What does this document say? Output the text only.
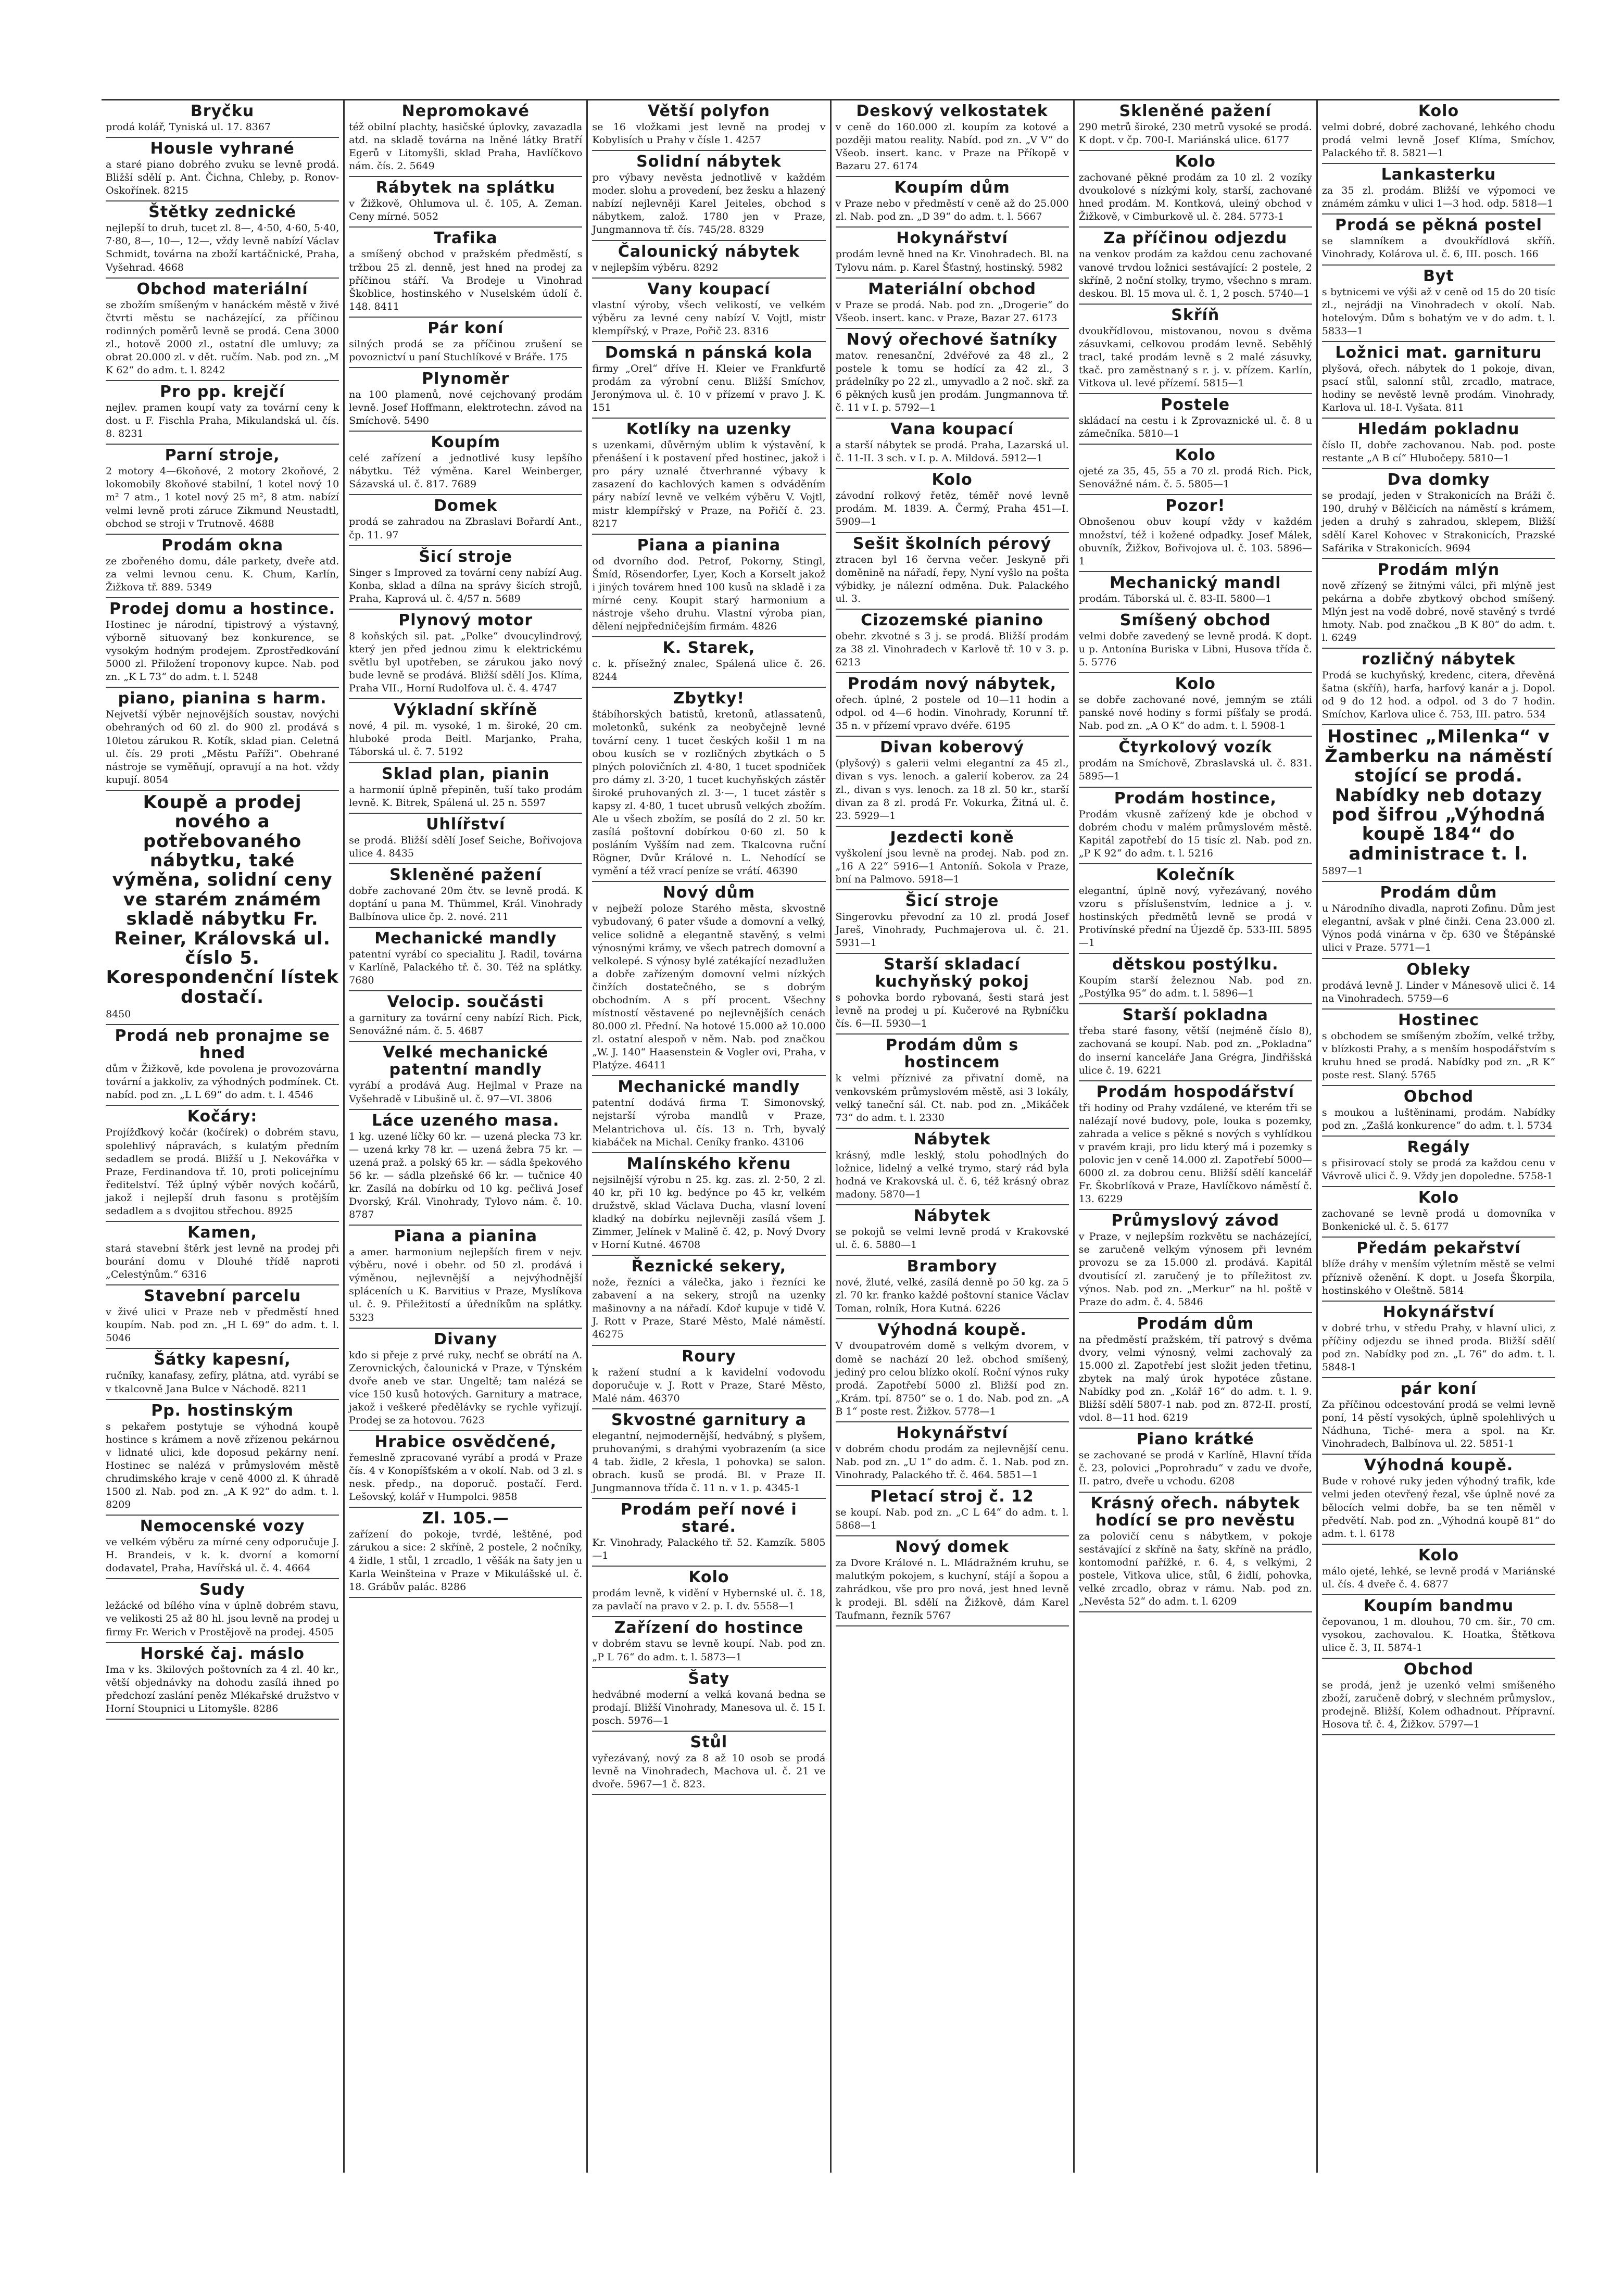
Bryčku
prodá kolář, Tyniská ul. 17. 8367
Housle vyhrané
a staré piano dobrého zvuku se levně prodá. Bližší sdělí p. Ant. Čichna, Chleby, p. Ronov-Oskořínek. 8215
Štětky zednické
nejlepší to druh, tucet zl. 8—, 4·50, 4·60, 5·40, 7·80, 8—, 10—, 12—, vždy levně nabízí Václav Schmidt, továrna na zboží kartáčnické, Praha, Vyšehrad. 4668
Obchod materiální
se zbožím smíšeným v hanáckém městě v živé čtvrti městu se nacházející, za příčinou rodinných poměrů levně se prodá. Cena 3000 zl., hotově 2000 zl., ostatní dle umluvy; za obrat 20.000 zl. v dět. ručím. Nab. pod zn. „M K 62“ do adm. t. l. 8242
Pro pp. krejčí
nejlev. pramen koupí vaty za tovární ceny k dost. u F. Fischla Praha, Mikulandská ul. čís. 8. 8231
Parní stroje,
2 motory 4—6koňové, 2 motory 2koňové, 2 lokomobily 8koňové stabilní, 1 kotel nový 10 m² 7 atm., 1 kotel nový 25 m², 8 atm. nabízí velmi levně proti záruce Zikmund Neustadtl, obchod se stroji v Trutnově. 4688
Prodám okna
ze zbořeného domu, dále parkety, dveře atd. za velmi levnou cenu. K. Chum, Karlín, Žižkova tř. 889. 5349
Prodej domu a hostince.
Hostinec je národní, tipistrový a výstavný, výborně situovaný bez konkurence, se vysokým hodným prodejem. Zprostředkování 5000 zl. Přiložení troponovy kupce. Nab. pod zn. „K L 73“ do adm. t. l. 5248
piano, pianina s harm.
Nejvetší výběr nejnovějších soustav, novýchi obehraných od 60 zl. do 900 zl. prodává s 10letou zárukou R. Kotík, sklad pian. Celetná ul. čís. 29 proti „Městu Paříži“. Obehrané nástroje se vyměňují, opravují a na hot. vždy kupují. 8054
Koupě a prodej nového a potřebovaného nábytku, také výměna, solidní ceny ve starém známém skladě nábytku Fr. Reiner, Královská ul. číslo 5. Korespondenční lístek dostačí.
8450
Prodá neb pronajme se hned
dům v Žižkově, kde povolena je provozovárna tovární a jakkoliv, za výhodných podmínek. Ct. nabíd. pod zn. „L L 69“ do adm. t. l. 4546
Kočáry:
Projížďkový kočár (kočírek) o dobrém stavu, spolehlivý nápravách, s kulatým předním sedadlem se prodá. Bližší u J. Nekovářka v Praze, Ferdinandova tř. 10, proti policejnímu ředitelství. Též úplný výběr nových kočárů, jakož i nejlepší druh fasonu s protějším sedadlem a s dvojitou střechou. 8925
Kamen,
stará stavební štěrk jest levně na prodej při bourání domu v Dlouhé třídě naproti „Celestýnům.“ 6316
Stavební parcelu
v živé ulici v Praze neb v předměstí hned koupím. Nab. pod zn. „H L 69“ do adm. t. l. 5046
Šátky kapesní,
ručníky, kanafasy, zefíry, plátna, atd. vyrábí se v tkalcovně Jana Bulce v Náchodě. 8211
Pp. hostinským
s pekařem postytuje se výhodná koupě hostince s krámem a nově zřízenou pekárnou v lidnaté ulici, kde doposud pekárny není. Hostinec se nalézá v průmyslovém městě chrudimského kraje v ceně 4000 zl. K úhradě 1500 zl. Nab. pod zn. „A K 92“ do adm. t. l. 8209
Nemocenské vozy
ve velkém výběru za mírné ceny odporučuje J. H. Brandeis, v k. k. dvorní a komorní dodavatel, Praha, Havířská ul. č. 4. 4664
Sudy
ležácké od bílého vína v úplně dobrém stavu, ve velikosti 25 až 80 hl. jsou levně na prodej u firmy Fr. Werich v Prostějově na prodej. 4505
Horské čaj. máslo
Ima v ks. 3kilových poštovních za 4 zl. 40 kr., větší objednávky na dohodu zasílá ihned po předchozí zaslání peněz Mlékařské družstvo v Horní Stoupnici u Litomyšle. 8286
Nepromokavé
též obilní plachty, hasičské úplovky, zavazadla atd. na skladě továrna na lněné látky Bratří Egerů v Litomyšli, sklad Praha, Havlíčkovo nám. čís. 2. 5649
Rábytek na splátku
v Žižkově, Ohlumova ul. č. 105, A. Zeman. Ceny mírné. 5052
Trafika
a smíšený obchod v pražském předměstí, s tržbou 25 zl. denně, jest hned na prodej za příčinou stáří. Va Brodeje u Vinohrad Škoblice, hostinského v Nuselském údolí č. 148. 8411
Pár koní
silných prodá se za příčinou zrušení se povoznictví u paní Stuchlíkové v Bráře. 175
Plynoměr
na 100 plamenů, nové cejchovaný prodám levně. Josef Hoffmann, elektrotechn. závod na Smíchově. 5490
Koupím
celé zařízení a jednotlivé kusy lepšího nábytku. Též výměna. Karel Weinberger, Sázavská ul. č. 817. 7689
Domek
prodá se zahradou na Zbraslavi Bořardí Ant., čp. 11. 97
Šicí stroje
Singer s Improved za tovární ceny nabízí Aug. Konba, sklad a dílna na správy šicích strojů, Praha, Kaprová ul. č. 4/57 n. 5689
Plynový motor
8 koňských sil. pat. „Polke“ dvoucylindrový, který jen před jednou zimu k elektrickému světlu byl upotřeben, se zárukou jako nový bude levně se prodává. Bližší sdělí Jos. Klíma, Praha VII., Horní Rudolfova ul. č. 4. 4747
Výkladní skříně
nové, 4 pil. m. vysoké, 1 m. široké, 20 cm. hluboké proda Beitl. Marjanko, Praha, Táborská ul. č. 7. 5192
Sklad plan, pianin
a harmonií úplně přepiněn, tuší tako prodám levně. K. Bitrek, Spálená ul. 25 n. 5597
Uhlířství
se prodá. Bližší sdělí Josef Seiche, Bořivojova ulice 4. 8435
Skleněné pažení
dobře zachované 20m čtv. se levně prodá. K doptání u pana M. Thümmel, Král. Vinohrady Balbínova ulice čp. 2. nové. 211
Mechanické mandly
patentní vyrábí co specialitu J. Radil, továrna v Karlíně, Palackého tř. č. 30. Též na splátky. 7680
Velocip. součásti
a garnitury za tovární ceny nabízí Rich. Pick, Senovážné nám. č. 5. 4687
Velké mechanické patentní mandly
vyrábí a prodává Aug. Hejlmal v Praze na Vyšehradě v Libušině ul. č. 97—VI. 3806
Láce uzeného masa.
1 kg. uzené líčky 60 kr. — uzená plecka 73 kr. — uzená krky 78 kr. — uzená žebra 75 kr. — uzená praž. a polský 65 kr. — sádla špekového 56 kr. — sádla plzeňské 66 kr. — tučnice 40 kr. Zasílá na dobírku od 10 kg. pečlivá Josef Dvorský, Král. Vinohrady, Tylovo nám. č. 10. 8787
Piana a pianina
a amer. harmonium nejlepších firem v nejv. výběru, nové i obehr. od 50 zl. prodává i výměnou, nejlevnější a nejvýhodnější spláceních u K. Barvitius v Praze, Myslíkova ul. č. 9. Přiležitostí a úředníkům na splátky. 5323
Divany
kdo si přeje z prvé ruky, nechť se obrátí na A. Zerovnických, čalounická v Praze, v Týnském dvoře aneb ve star. Ungeltě; tam nalézá se více 150 kusů hotových. Garnitury a matrace, jakož i veškeré předělávky se rychle vyřizují. Prodej se za hotovou. 7623
Hrabice osvědčené,
řemeslně zpracované vyrábí a prodá v Praze čís. 4 v Konopíšťském a v okolí. Nab. od 3 zl. s nesk. předp., na doporuč. postačí. Ferd. Lešovský, kolář v Humpolci. 9858
Zl. 105.—
zařízení do pokoje, tvrdé, leštěné, pod zárukou a sice: 2 skříně, 2 postele, 2 nočníky, 4 židle, 1 stůl, 1 zrcadlo, 1 věšák na šaty jen u Karla Weinšteina v Praze v Mikulášské ul. č. 18. Grábův palác. 8286
Větší polyfon
se 16 vložkami jest levně na prodej v Kobylisích u Prahy v čísle 1. 4257
Solidní nábytek
pro výbavy nevěsta jednotlivě v každém moder. slohu a provedení, bez žesku a hlazený nabízí nejlevněji Karel Jeiteles, obchod s nábytkem, založ. 1780 jen v Praze, Jungmannova tř. čís. 745/28. 8329
Čalounický nábytek
v nejlepším výběru. 8292
Vany koupací
vlastní výroby, všech velikostí, ve velkém výběru za levné ceny nabízí V. Vojtl, mistr klempířský, v Praze, Pořič 23. 8316
Domská n pánská kola
firmy „Orel“ dříve H. Kleier ve Frankfurtě prodám za výrobní cenu. Bližší Smíchov, Jeronýmova ul. č. 10 v přízemí v pravo J. K. 151
Kotlíky na uzenky
s uzenkami, důvěrným ublim k výstavění, k přenášení i k postavení před hostinec, jakož i pro páry uznalé čtverhranné výbavy k zasazení do kachlových kamen s odváděním páry nabízí levně ve velkém výběru V. Vojtl, mistr klempířský v Praze, na Pořičí č. 23. 8217
Piana a pianina
od dvorního dod. Petrof, Pokorny, Stingl, Šmíd, Rösendorfer, Lyer, Koch a Korselt jakož i jiných továrem hned 100 kusů na skladě i za mírné ceny. Koupit starý harmonium a nástroje všeho druhu. Vlastní výroba pian, dělení nejpředničejším firmám. 4826
K. Starek,
c. k. přísežný znalec, Spálená ulice č. 26. 8244
Zbytky!
štábíhorských batistů, kretonů, atlassatenů, moletonků, sukénk za neobyčejně levné tovární ceny. 1 tucet českých košil 1 m na obou kusích se v rozličných zbytkách o 5 plných polovičních zl. 4·80, 1 tucet spodniček pro dámy zl. 3·20, 1 tucet kuchyňských zástěr široké pruhovaných zl. 3·—, 1 tucet zástěr s kapsy zl. 4·80, 1 tucet ubrusů velkých zbožím. Ale u všech zbožím, se posílá do 2 zl. 50 kr. zasílá poštovní dobírkou 0·60 zl. 50 k posláním Vyšším nad zem. Tkalcovna ruční Rögner, Dvůr Králové n. L. Nehodící se vymění a též vrací peníze se vrátí. 46390
Nový dům
v nejbeží poloze Starého města, skvostně vybudovaný, 6 pater všude a domovní a velký, velice solidně a elegantně stavěný, s velmi výnosnými krámy, ve všech patrech domovní a velkolepé. S výnosy bylé zatékající nezadlužen a dobře zařízeným domovní velmi nízkých činžích dostatečného, se s dobrým obchodním. A s pří procent. Všechny místností věstavené po nejlevnějších cenách 80.000 zl. Přední. Na hotové 15.000 až 10.000 zl. ostatní alespoň v něm. Nab. pod značkou „W. J. 140“ Haasenstein & Vogler ovi, Praha, v Platýze. 46411
Mechanické mandly
patentní dodává firma T. Simonovský, nejstarší výroba mandlů v Praze, Melantrichova ul. čís. 13 n. Trh, byvalý kiabáček na Michal. Ceníky franko. 43106
Malínského křenu
nejsilnější výrobu n 25. kg. zas. zl. 2·50, 2 zl. 40 kr, při 10 kg. bedýnce po 45 kr, velkém družstvě, sklad Václava Ducha, vlasní lovení kladký na dobírku nejlevněji zasílá všem J. Zimmer, Jelínek v Malině č. 42, p. Nový Dvory v Horní Kutné. 46708
Řeznické sekery,
nože, řezníci a válečka, jako i řezníci ke zabavení a na sekery, strojů na uzenky mašinovny a na nářadí. Kdoř kupuje v tidě V. J. Rott v Praze, Staré Město, Malé náměstí. 46275
Roury
k ražení studní a k kavidelní vodovodu doporučuje v. J. Rott v Praze, Staré Město, Malé nám. 46370
Skvostné garnitury a
elegantní, nejmodernější, hedvábný, s plyšem, pruhovanými, s drahými vyobrazením (a sice 4 tab. židle, 2 křesla, 1 pohovka) se salon. obrach. kusů se prodá. Bl. v Praze II. Jungmannova třída č. 11 n. v 1. p. 4345-1
Prodám peří nové i staré.
Kr. Vinohrady, Palackého tř. 52. Kamzík. 5805—1
Kolo
prodám levně, k vidění v Hybernské ul. č. 18, za pavlačí na pravo v 2. p. I. dv. 5558—1
Zařízení do hostince
v dobrém stavu se levně koupí. Nab. pod zn. „P L 76“ do adm. t. l. 5873—1
Šaty
hedvábné moderní a velká kovaná bedna se prodají. Bližší Vinohrady, Manesova ul. č. 15 I. posch. 5976—1
Stůl
vyřezávaný, nový za 8 až 10 osob se prodá levně na Vinohradech, Machova ul. č. 21 ve dvoře. 5967—1 č. 823.
Deskový velkostatek
v ceně do 160.000 zl. koupím za kotové a později matou reality. Nabíd. pod zn. „V V“ do Všeob. insert. kanc. v Praze na Příkopě v Bazaru 27. 6174
Koupím dům
v Praze nebo v předměstí v ceně až do 25.000 zl. Nab. pod zn. „D 39“ do adm. t. l. 5667
Hokynářství
prodám levně hned na Kr. Vinohradech. Bl. na Tylovu nám. p. Karel Šťastný, hostinský. 5982
Materiální obchod
v Praze se prodá. Nab. pod zn. „Drogerie“ do Všeob. insert. kanc. v Praze, Bazar 27. 6173
Nový ořechové šatníky
matov. renesanční, 2dvéřové za 48 zl., 2 postele k tomu se hodící za 42 zl., 3 prádelníky po 22 zl., umyvadlo a 2 noč. skř. za 6 pěkných kusů jen prodám. Jungmannova tř. č. 11 v I. p. 5792—1
Vana koupací
a starší nábytek se prodá. Praha, Lazarská ul. č. 11-II. 3 sch. v I. p. A. Mildová. 5912—1
Kolo
závodní rolkový řetěz, téměř nové levně prodám. M. 1839. A. Čermý, Praha 451—I. 5909—1
Sešit školních pérový
ztracen byl 16 června večer. Jeskyně při doměnině na nářadí, řepy, Nyní vyšlo na pošta výbidky, je nálezní odměna. Duk. Palackého ul. 3.
Cizozemské pianino
obehr. zkvotné s 3 j. se prodá. Bližší prodám za 38 zl. Vinohradech v Karlově tř. 10 v 3. p. 6213
Prodám nový nábytek,
ořech. úplné, 2 postele od 10—11 hodin a odpol. od 4—6 hodin. Vinohrady, Korunní tř. 35 n. v přízemí vpravo dvéře. 6195
Divan koberový
(plyšový) s galerii velmi elegantní za 45 zl., divan s vys. lenoch. a galerií koberov. za 24 zl., divan s vys. lenoch. za 18 zl. 50 kr., starší divan za 8 zl. prodá Fr. Vokurka, Žitná ul. č. 23. 5929—1
Jezdecti koně
vyškolení jsou levně na prodej. Nab. pod zn. „16 A 22“ 5916—1 Antoníň. Sokola v Praze, bní na Palmovo. 5918—1
Šicí stroje
Singerovku převodní za 10 zl. prodá Josef Jareš, Vinohrady, Puchmajerova ul. č. 21. 5931—1
Starší skladací kuchyňský pokoj
s pohovka bordo rybovaná, šesti stará jest levně na prodej u pí. Kučerové na Rybníčku čís. 6—II. 5930—1
Prodám dům s hostincem
k velmi příznivé za přivatní domě, na venkovském průmyslovém městě, asi 3 lokály, velký taneční sál. Ct. nab. pod zn. „Mikáček 73“ do adm. t. l. 2330
Nábytek
krásný, mdle lesklý, stolu pohodlných do ložnice, lidelný a velké trymo, starý rád byla hodná ve Krakovská ul. č. 6, též krásný obraz madony. 5870—1
Nábytek
se pokojů se velmi levně prodá v Krakovské ul. č. 6. 5880—1
Brambory
nové, žluté, velké, zasílá denně po 50 kg. za 5 zl. 70 kr. franko každé poštovní stanice Václav Toman, rolník, Hora Kutná. 6226
Výhodná koupě.
V dvoupatrovém domě s velkým dvorem, v domě se nachází 20 lež. obchod smíšený, jediný pro celou blízko okolí. Roční výnos ruky prodá. Zapotřebí 5000 zl. Bližší pod zn. „Krám. tpí. 8750“ se o. 1 do. Nab. pod zn. „A B 1“ poste rest. Žižkov. 5778—1
Hokynářství
v dobrém chodu prodám za nejlevnější cenu. Nab. pod zn. „U 1“ do adm. č. 1. Nab. pod zn. Vinohrady, Palackého tř. č. 464. 5851—1
Pletací stroj č. 12
se koupí. Nab. pod zn. „C L 64“ do adm. t. l. 5868—1
Nový domek
za Dvore Králové n. L. Mládražném kruhu, se malutkým pokojem, s kuchyní, stájí a šopou a zahrádkou, vše pro pro nová, jest hned levně k prodeji. Bl. sdělí na Žižkově, dám Karel Taufmann, řezník 5767
Skleněné pažení
290 metrů široké, 230 metrů vysoké se prodá. K dopt. v čp. 700-I. Mariánská ulice. 6177
Kolo
zachované pěkné prodám za 10 zl. 2 vozíky dvoukolové s nízkými koly, starší, zachované hned prodám. M. Kontková, uleiný obchod v Žižkově, v Cimburkově ul. č. 284. 5773-1
Za příčinou odjezdu
na venkov prodám za každou cenu zachované vanové trvdou ložnici sestávající: 2 postele, 2 skříně, 2 noční stolky, trymo, všechno s mram. deskou. Bl. 15 mova ul. č. 1, 2 posch. 5740—1
Skříň
dvoukřídlovou, mistovanou, novou s dvěma zásuvkami, celkovou prodám levně. Seběhlý tracl, také prodám levně s 2 malé zásuvky, tkač. pro zaměstnaný s r. j. v. přízem. Karlín, Vitkova ul. levé přízemí. 5815—1
Postele
skládací na cestu i k Zprovaznické ul. č. 8 u zámečníka. 5810—1
Kolo
ojeté za 35, 45, 55 a 70 zl. prodá Rich. Pick, Senovážné nám. č. 5. 5805—1
Pozor!
Obnošenou obuv koupí vždy v každém množství, též i kožené odpadky. Josef Málek, obuvník, Žižkov, Bořivojova ul. č. 103. 5896—1
Mechanický mandl
prodám. Táborská ul. č. 83-II. 5800—1
Smíšený obchod
velmi dobře zavedený se levně prodá. K dopt. u p. Antonína Buriska v Libni, Husova třída č. 5. 5776
Kolo
se dobře zachované nové, jemným se ztáli panské nové hodiny s formi píšťaly se prodá. Nab. pod zn. „A O K“ do adm. t. l. 5908-1
Čtyrkolový vozík
prodám na Smíchově, Zbraslavská ul. č. 831. 5895—1
Prodám hostince,
Prodám vkusně zařízený kde je obchod v dobrém chodu v malém průmyslovém městě. Kapitál zapotřebí do 15 tisíc zl. Nab. pod zn. „P K 92“ do adm. t. l. 5216
Kolečník
elegantní, úplně nový, vyřezávaný, nového vzoru s příslušenstvím, lednice a j. v. hostinských předmětů levně se prodá v Protivínské přední na Újezdě čp. 533-III. 5895—1
dětskou postýlku.
Koupím starší železnou Nab. pod zn. „Postýlka 95“ do adm. t. l. 5896—1
Starší pokladna
třeba staré fasony, větší (nejméně číslo 8), zachovaná se koupí. Nab. pod zn. „Pokladna“ do inserní kanceláře Jana Grégra, Jindřišská ulice č. 19. 6221
Prodám hospodářství
tři hodiny od Prahy vzdálené, ve kterém tři se nalézají nové budovy, pole, louka s pozemky, zahrada a velice s pěkné s nových s vyhlídkou v pravém kraji, pro lidu který má i pozemky s polovic jen v ceně 14.000 zl. Zapotřebí 5000—6000 zl. za dobrou cenu. Bližší sdělí kancelář Fr. Škobrlíková v Praze, Havlíčkovo náměstí č. 13. 6229
Průmyslový závod
v Praze, v nejlepším rozkvětu se nacházející, se zaručeně velkým výnosem při levném provozu se za 15.000 zl. prodává. Kapitál dvoutisící zl. zaručený je to příležitost zv. výnos. Nab. pod zn. „Merkur“ na hl. poště v Praze do adm. č. 4. 5846
Prodám dům
na předměstí pražském, tří patrový s dvěma dvory, velmi výnosný, velmi zachovalý za 15.000 zl. Zapotřebí jest složit jeden třetinu, zbytek na malý úrok hypotéce zůstane. Nabídky pod zn. „Kolář 16“ do adm. t. l. 9. Bližší sdělí 5807-1 nab. pod zn. 872-II. prostí, vdol. 8—11 hod. 6219
Piano krátké
se zachované se prodá v Karlíně, Hlavní třída č. 23, polovici „Poprohradu“ v zadu ve dvoře, II. patro, dveře u vchodu. 6208
Krásný ořech. nábytek hodící se pro nevěstu
za polovičí cenu s nábytkem, v pokoje sestávající z skříně na šaty, skříně na prádlo, kontomodní pařížké, r. 6. 4, s velkými, 2 postele, Vitkova ulice, stůl, 6 židlí, pohovka, velké zrcadlo, obraz v rámu. Nab. pod zn. „Nevěsta 52“ do adm. t. l. 6209
Kolo
velmi dobré, dobré zachované, lehkého chodu prodá velmi levně Josef Klíma, Smíchov, Palackého tř. 8. 5821—1
Lankasterku
za 35 zl. prodám. Bližší ve výpomoci ve známém zámku v ulici 1—3 hod. odp. 5818—1
Prodá se pěkná postel
se slamníkem a dvoukřídlová skříň. Vinohrady, Kolárova ul. č. 6, III. posch. 166
Byt
s bytnicemi ve výši až v ceně od 15 do 20 tisíc zl., nejrádji na Vinohradech v okolí. Nab. hotelovým. Dům s bohatým ve v do adm. t. l. 5833—1
Ložnici mat. garnituru
plyšová, ořech. nábytek do 1 pokoje, divan, psací stůl, salonní stůl, zrcadlo, matrace, hodiny se nevěstě levně prodám. Vinohrady, Karlova ul. 18-I. Vyšata. 811
Hledám pokladnu
číslo II, dobře zachovanou. Nab. pod. poste restante „A B cí“ Hlubočepy. 5810—1
Dva domky
se prodají, jeden v Strakonicích na Bráži č. 190, druhý v Bělčicích na náměstí s krámem, jeden a druhý s zahradou, sklepem, Bližší sdělí Karel Kohovec v Strakonicích, Prazské Safárika v Strakonicích. 9694
Prodám mlýn
nově zřízený se žitnými válci, při mlýně jest pekárna a dobře zbytkový obchod smíšený. Mlýn jest na vodě dobré, nově stavěný s tvrdé hmoty. Nab. pod značkou „B K 80“ do adm. t. l. 6249
rozličný nábytek
Prodá se kuchyňský, kredenc, citera, dřevěná šatna (skříň), harfa, harfový kanár a j. Dopol. od 9 do 12 hod. a odpol. od 3 do 7 hodin. Smíchov, Karlova ulice č. 753, III. patro. 534
Hostinec „Milenka“ v Žamberku na náměstí stojící se prodá. Nabídky neb dotazy pod šifrou „Výhodná koupě 184“ do administrace t. l.
5897—1
Prodám dům
u Národního divadla, naproti Zofinu. Dům jest elegantní, avšak v plné činži. Cena 23.000 zl. Výnos podá vinárna v čp. 630 ve Štěpánské ulici v Praze. 5771—1
Obleky
prodává levně J. Linder v Mánesově ulici č. 14 na Vinohradech. 5759—6
Hostinec
s obchodem se smíšeným zbožím, velké tržby, v blízkosti Prahy, a s menším hospodářstvím s kruhu hned se prodá. Nabídky pod zn. „R K“ poste rest. Slaný. 5765
Obchod
s moukou a luštěninami, prodám. Nabídky pod zn. „Zašlá konkurence“ do adm. t. l. 5734
Regály
s přisirovací stoly se prodá za každou cenu v Vávrově ulici č. 9. Vždy jen dopoledne. 5758-1
Kolo
zachované se levně prodá u domovníka v Bonkenické ul. č. 5. 6177
Předám pekařství
blíže dráhy v menším výletním městě se velmi příznivě oženění. K dopt. u Josefa Škorpila, hostinského v Oleštně. 5814
Hokynářství
v dobré trhu, v středu Prahy, v hlavní ulici, z příčiny odjezdu se ihned proda. Bližší sdělí pod zn. Nabídky pod zn. „L 76“ do adm. t. l. 5848-1
pár koní
Za příčinou odcestování prodá se velmi levně poní, 14 pěstí vysokých, úplně spolehlivých u Nádhuna, Tiché- mera a spol. na Kr. Vinohradech, Balbínova ul. 22. 5851-1
Výhodná koupě.
Bude v rohové ruky jeden výhodný trafik, kde velmi jeden otevřený řezal, vše úplně nové za bělocích velmi dobře, ba se ten něměl v předvětí. Nab. pod zn. „Výhodná koupě 81“ do adm. t. l. 6178
Kolo
málo ojeté, lehké, se levně prodá v Mariánské ul. čís. 4 dveře č. 4. 6877
Koupím bandmu
čepovanou, 1 m. dlouhou, 70 cm. šir., 70 cm. vysokou, zachovalou. K. Hoatka, Štětkova ulice č. 3, II. 5874-1
Obchod
se prodá, jenž je uzenkó velmi smíšeného zboží, zaručeně dobrý, v slechném průmyslov., prodejně. Bližší, Kolem odhadnout. Přípravní. Hosova tř. č. 4, Žižkov. 5797—1
